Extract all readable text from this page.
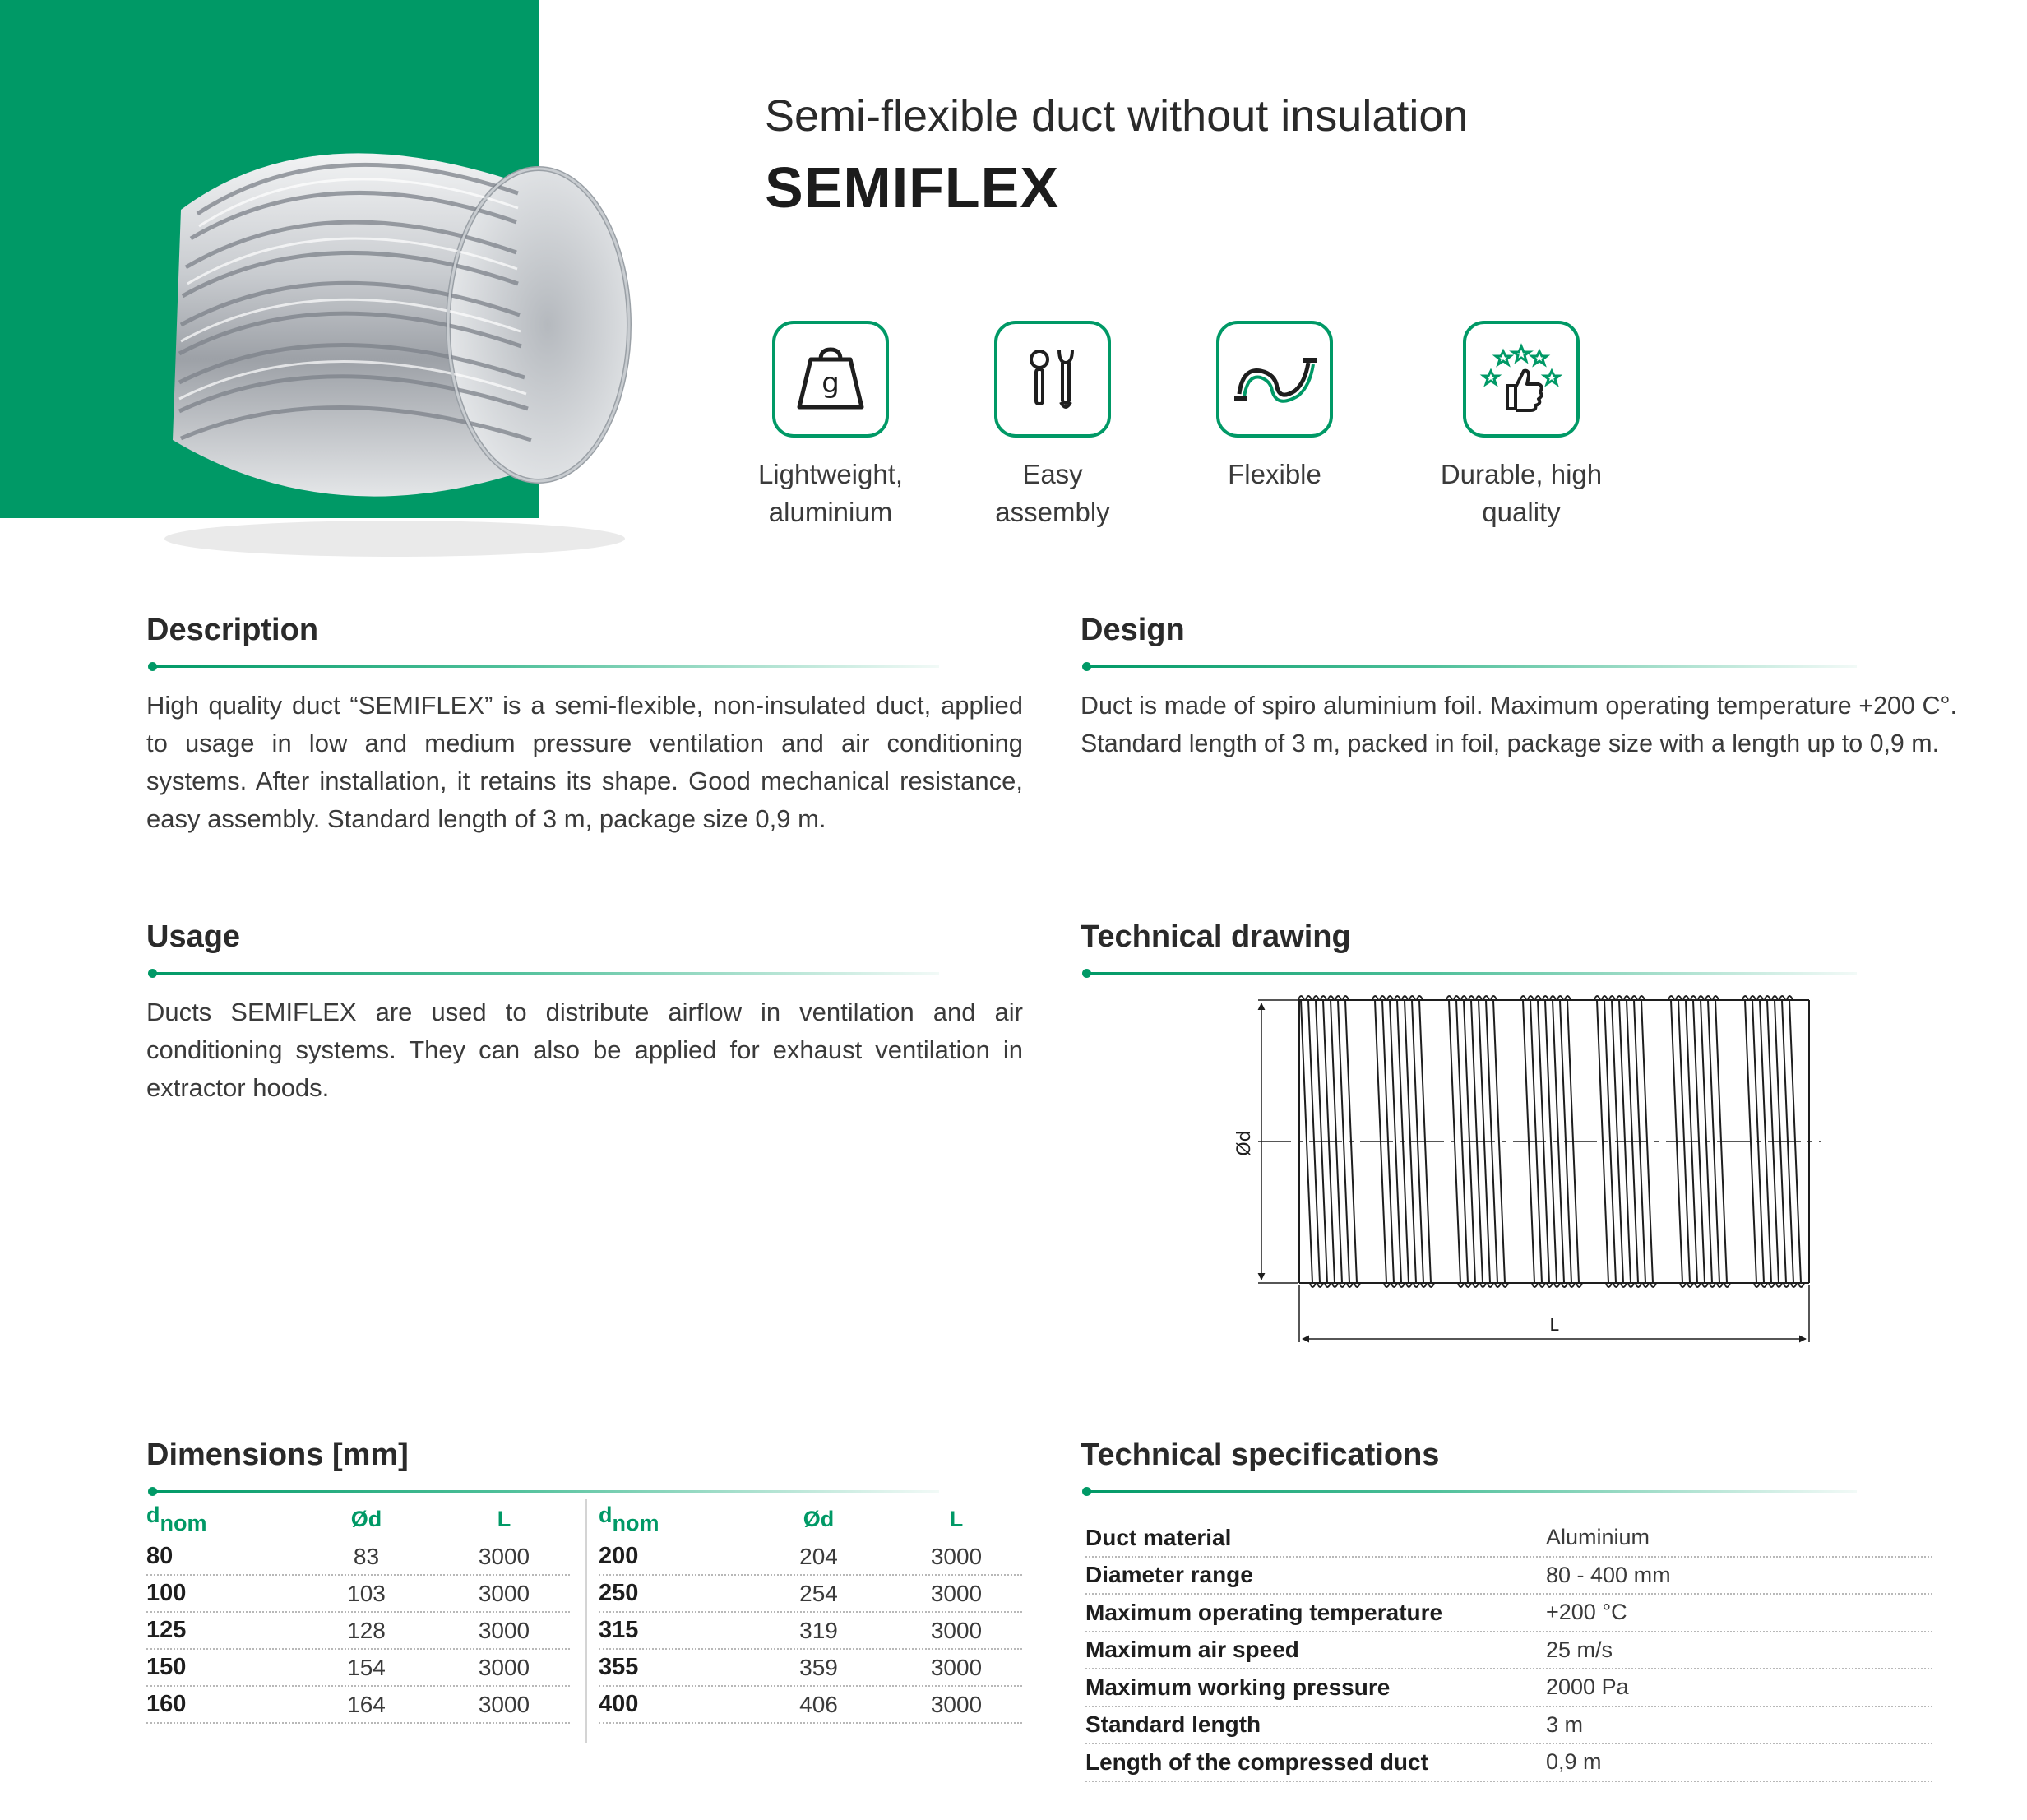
Semi-flexible duct without insulation
SEMIFLEX
g
Lightweight,
aluminium
Easy
assembly
Flexible	Durable, high
quality
Description
High quality duct “SEMIFLEX” is a semi-flexible, non-insulated duct, applied to usage in low and medium pressure ventilation and air conditioning systems. After installation, it retains its shape. Good mechanical resistance, easy assembly. Standard length of 3 m, package size 0,9 m.
Design
Duct is made of spiro aluminium foil. Maximum operating temperature +200 C°. Standard length of 3 m, packed in foil, package size with a length up to 0,9 m.
Usage
Ducts SEMIFLEX are used to distribute airflow in ventilation and air conditioning systems. They can also be applied for exhaust ventilation in extractor hoods.
Technical drawing
Ød
L
Dimensions [mm]
dnom	Ød	L
80	83	3000
100	103	3000
125	128	3000
150	154	3000
160	164	3000
dnom	Ød	L
200	204	3000
250	254	3000
315	319	3000
355	359	3000
400	406	3000
Technical specifications
Duct material	Aluminium
Diameter range	80 - 400 mm
Maximum operating temperature	+200 °C
Maximum air speed	25 m/s
Maximum working pressure	2000 Pa
Standard length	3 m
Length of the compressed duct	0,9 m
